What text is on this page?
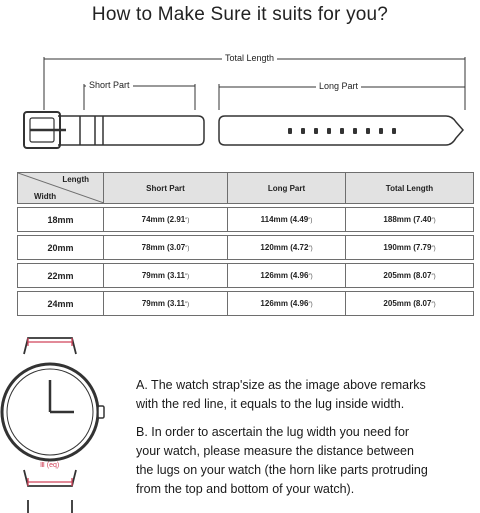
How to Make Sure it suits for you?
Total Length
Short Part	Long Part
Length
Width	Short Part	Long Part	Total Length

18mm	74mm (2.91″)	114mm (4.49″)	188mm (7.40″)

20mm	78mm (3.07″)	120mm (4.72″)	190mm (7.79″)

22mm	79mm (3.11″)	126mm (4.96″)	205mm (8.07″)

24mm	79mm (3.11″)	126mm (4.96″)	205mm (8.07″)
Ⅲ (eq)
A. The watch strap'size as the image above remarks
with the red line, it equals to the lug inside width.
B. In order to ascertain the lug width you need for
your watch, please measure the distance between
the lugs on your watch (the horn like parts protruding
from the top and bottom of your watch).
